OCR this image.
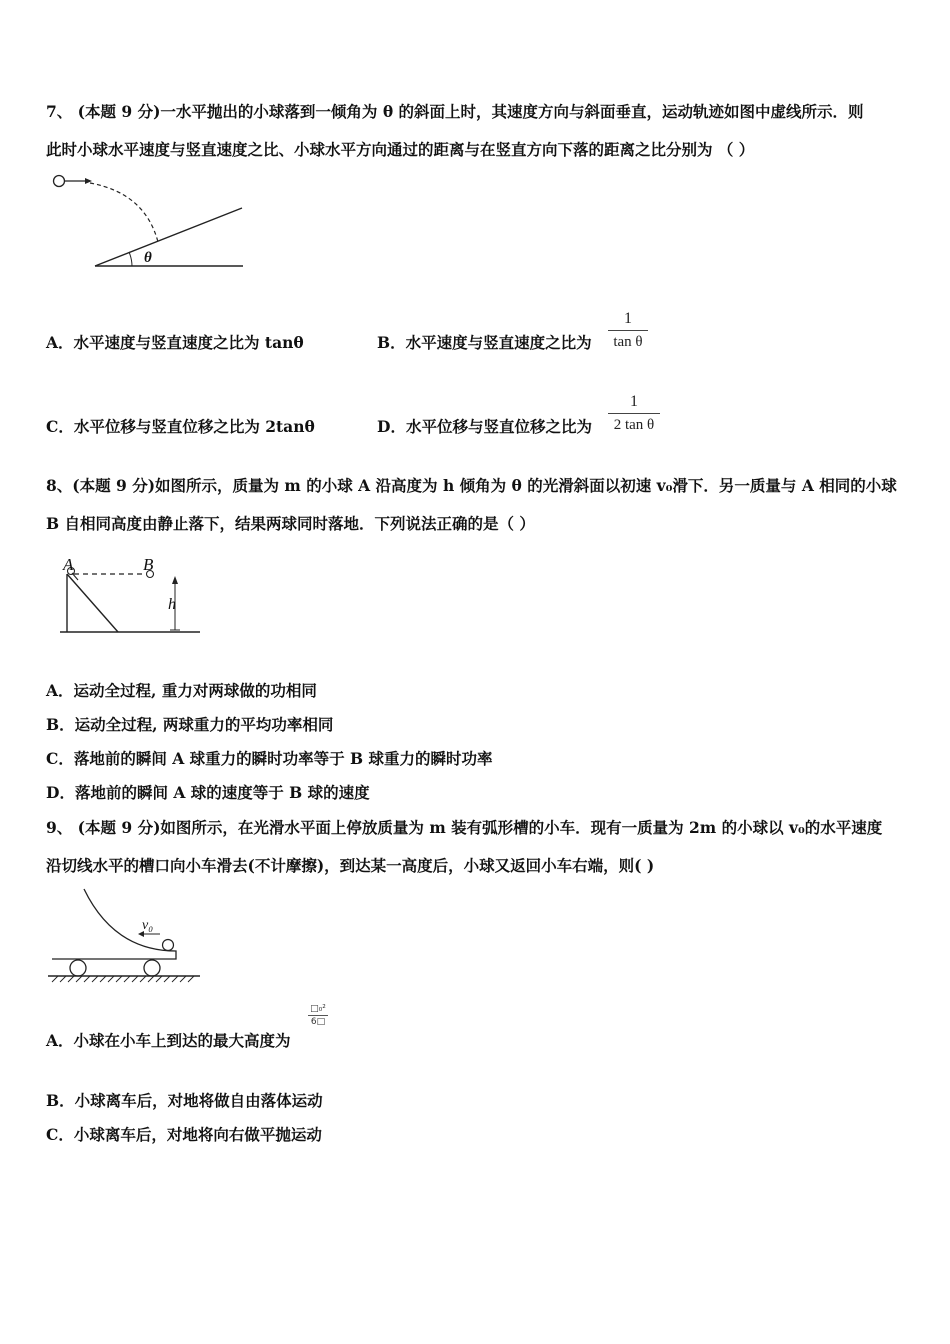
7、 (本题 9 分)一水平抛出的小球落到一倾角为 θ 的斜面上时，其速度方向与斜面垂直，运动轨迹如图中虚线所示．则
此时小球水平速度与竖直速度之比、小球水平方向通过的距离与在竖直方向下落的距离之比分别为 （ ）
θ
A．水平速度与竖直速度之比为 tanθ	B．水平速度与竖直速度之比为
1
tan θ
C．水平位移与竖直位移之比为 2tanθ	D．水平位移与竖直位移之比为
1
2 tan θ
8、(本题 9 分)如图所示，质量为 m 的小球 A 沿高度为 h 倾角为 θ 的光滑斜面以初速 v₀滑下．另一质量与 A 相同的小球
B 自相同高度由静止落下，结果两球同时落地．下列说法正确的是（ ）
A	B
h
A．运动全过程, 重力对两球做的功相同
B．运动全过程, 两球重力的平均功率相同
C．落地前的瞬间 A 球重力的瞬时功率等于 B 球重力的瞬时功率
D．落地前的瞬间 A 球的速度等于 B 球的速度
9、 (本题 9 分)如图所示，在光滑水平面上停放质量为 m 装有弧形槽的小车．现有一质量为 2m 的小球以 v₀的水平速度
沿切线水平的槽口向小车滑去(不计摩擦)，到达某一高度后，小球又返回小车右端，则( )
v₀
A．小球在小车上到达的最大高度为
□₀²
6□
B．小球离车后，对地将做自由落体运动
C．小球离车后，对地将向右做平抛运动
